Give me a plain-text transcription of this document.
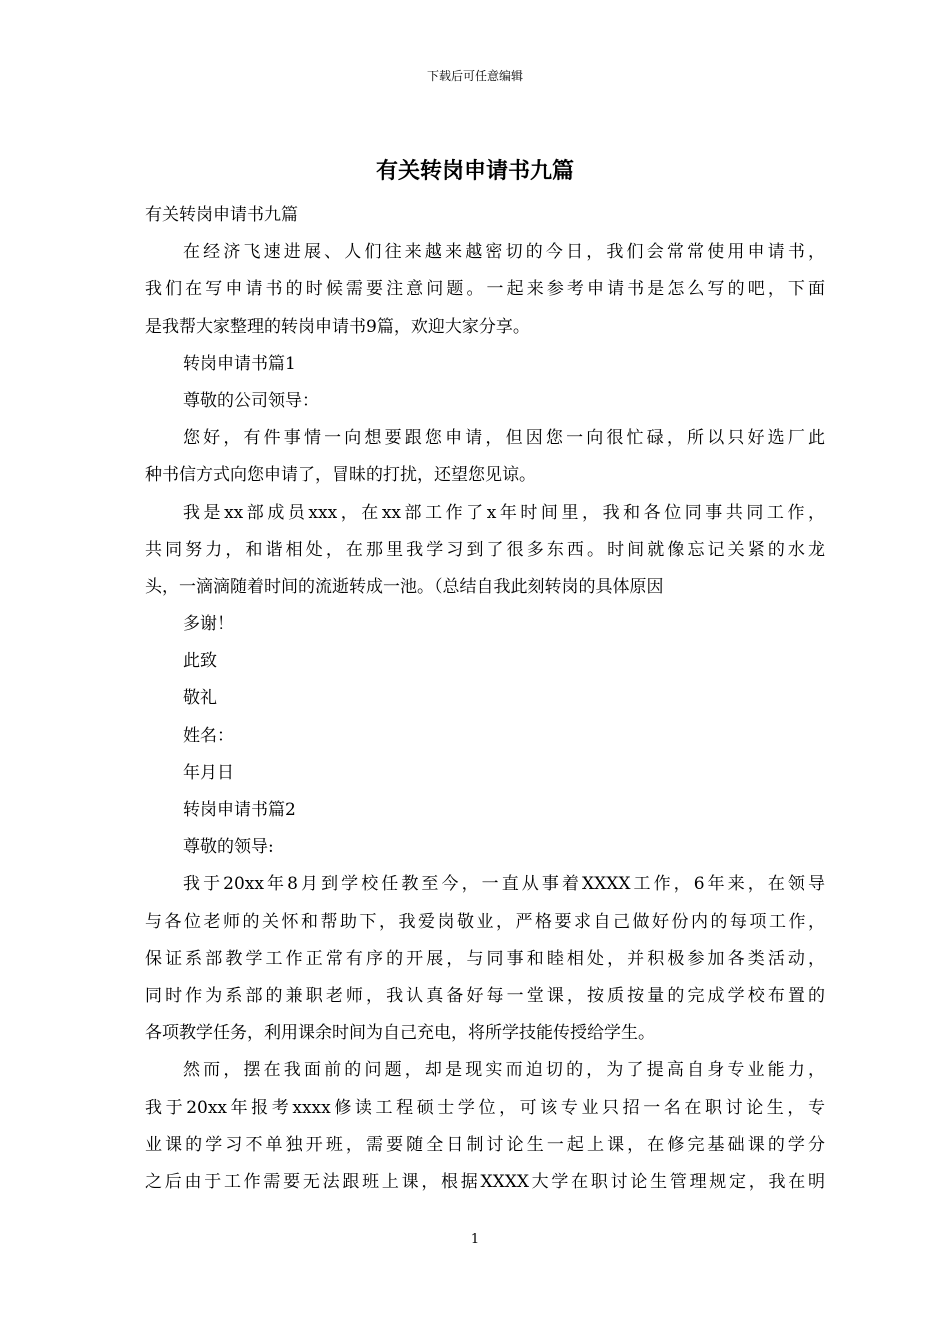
下载后可任意编辑
有关转岗申请书九篇
有关转岗申请书九篇
在经济飞速进展、人们往来越来越密切的今日，我们会常常使用申请书，
我们在写申请书的时候需要注意问题。一起来参考申请书是怎么写的吧，下面
是我帮大家整理的转岗申请书9篇，欢迎大家分享。
转岗申请书篇1
尊敬的公司领导：
您好，有件事情一向想要跟您申请，但因您一向很忙碌，所以只好选厂此
种书信方式向您申请了，冒昧的打扰，还望您见谅。
我是xx部成员xxx，在xx部工作了x年时间里，我和各位同事共同工作，
共同努力，和谐相处，在那里我学习到了很多东西。时间就像忘记关紧的水龙
头，一滴滴随着时间的流逝转成一池。（总结自我此刻转岗的具体原因
多谢！
此致
敬礼
姓名：
年月日
转岗申请书篇2
尊敬的领导:
我于20xx年8月到学校任教至今，一直从事着XXXX工作，6年来，在领导
与各位老师的关怀和帮助下，我爱岗敬业，严格要求自己做好份内的每项工作，
保证系部教学工作正常有序的开展，与同事和睦相处，并积极参加各类活动，
同时作为系部的兼职老师，我认真备好每一堂课，按质按量的完成学校布置的
各项教学任务，利用课余时间为自己充电，将所学技能传授给学生。
然而，摆在我面前的问题，却是现实而迫切的，为了提高自身专业能力，
我于20xx年报考xxxx修读工程硕士学位，可该专业只招一名在职讨论生，专
业课的学习不单独开班，需要随全日制讨论生一起上课，在修完基础课的学分
之后由于工作需要无法跟班上课，根据XXXX大学在职讨论生管理规定，我在明
1
